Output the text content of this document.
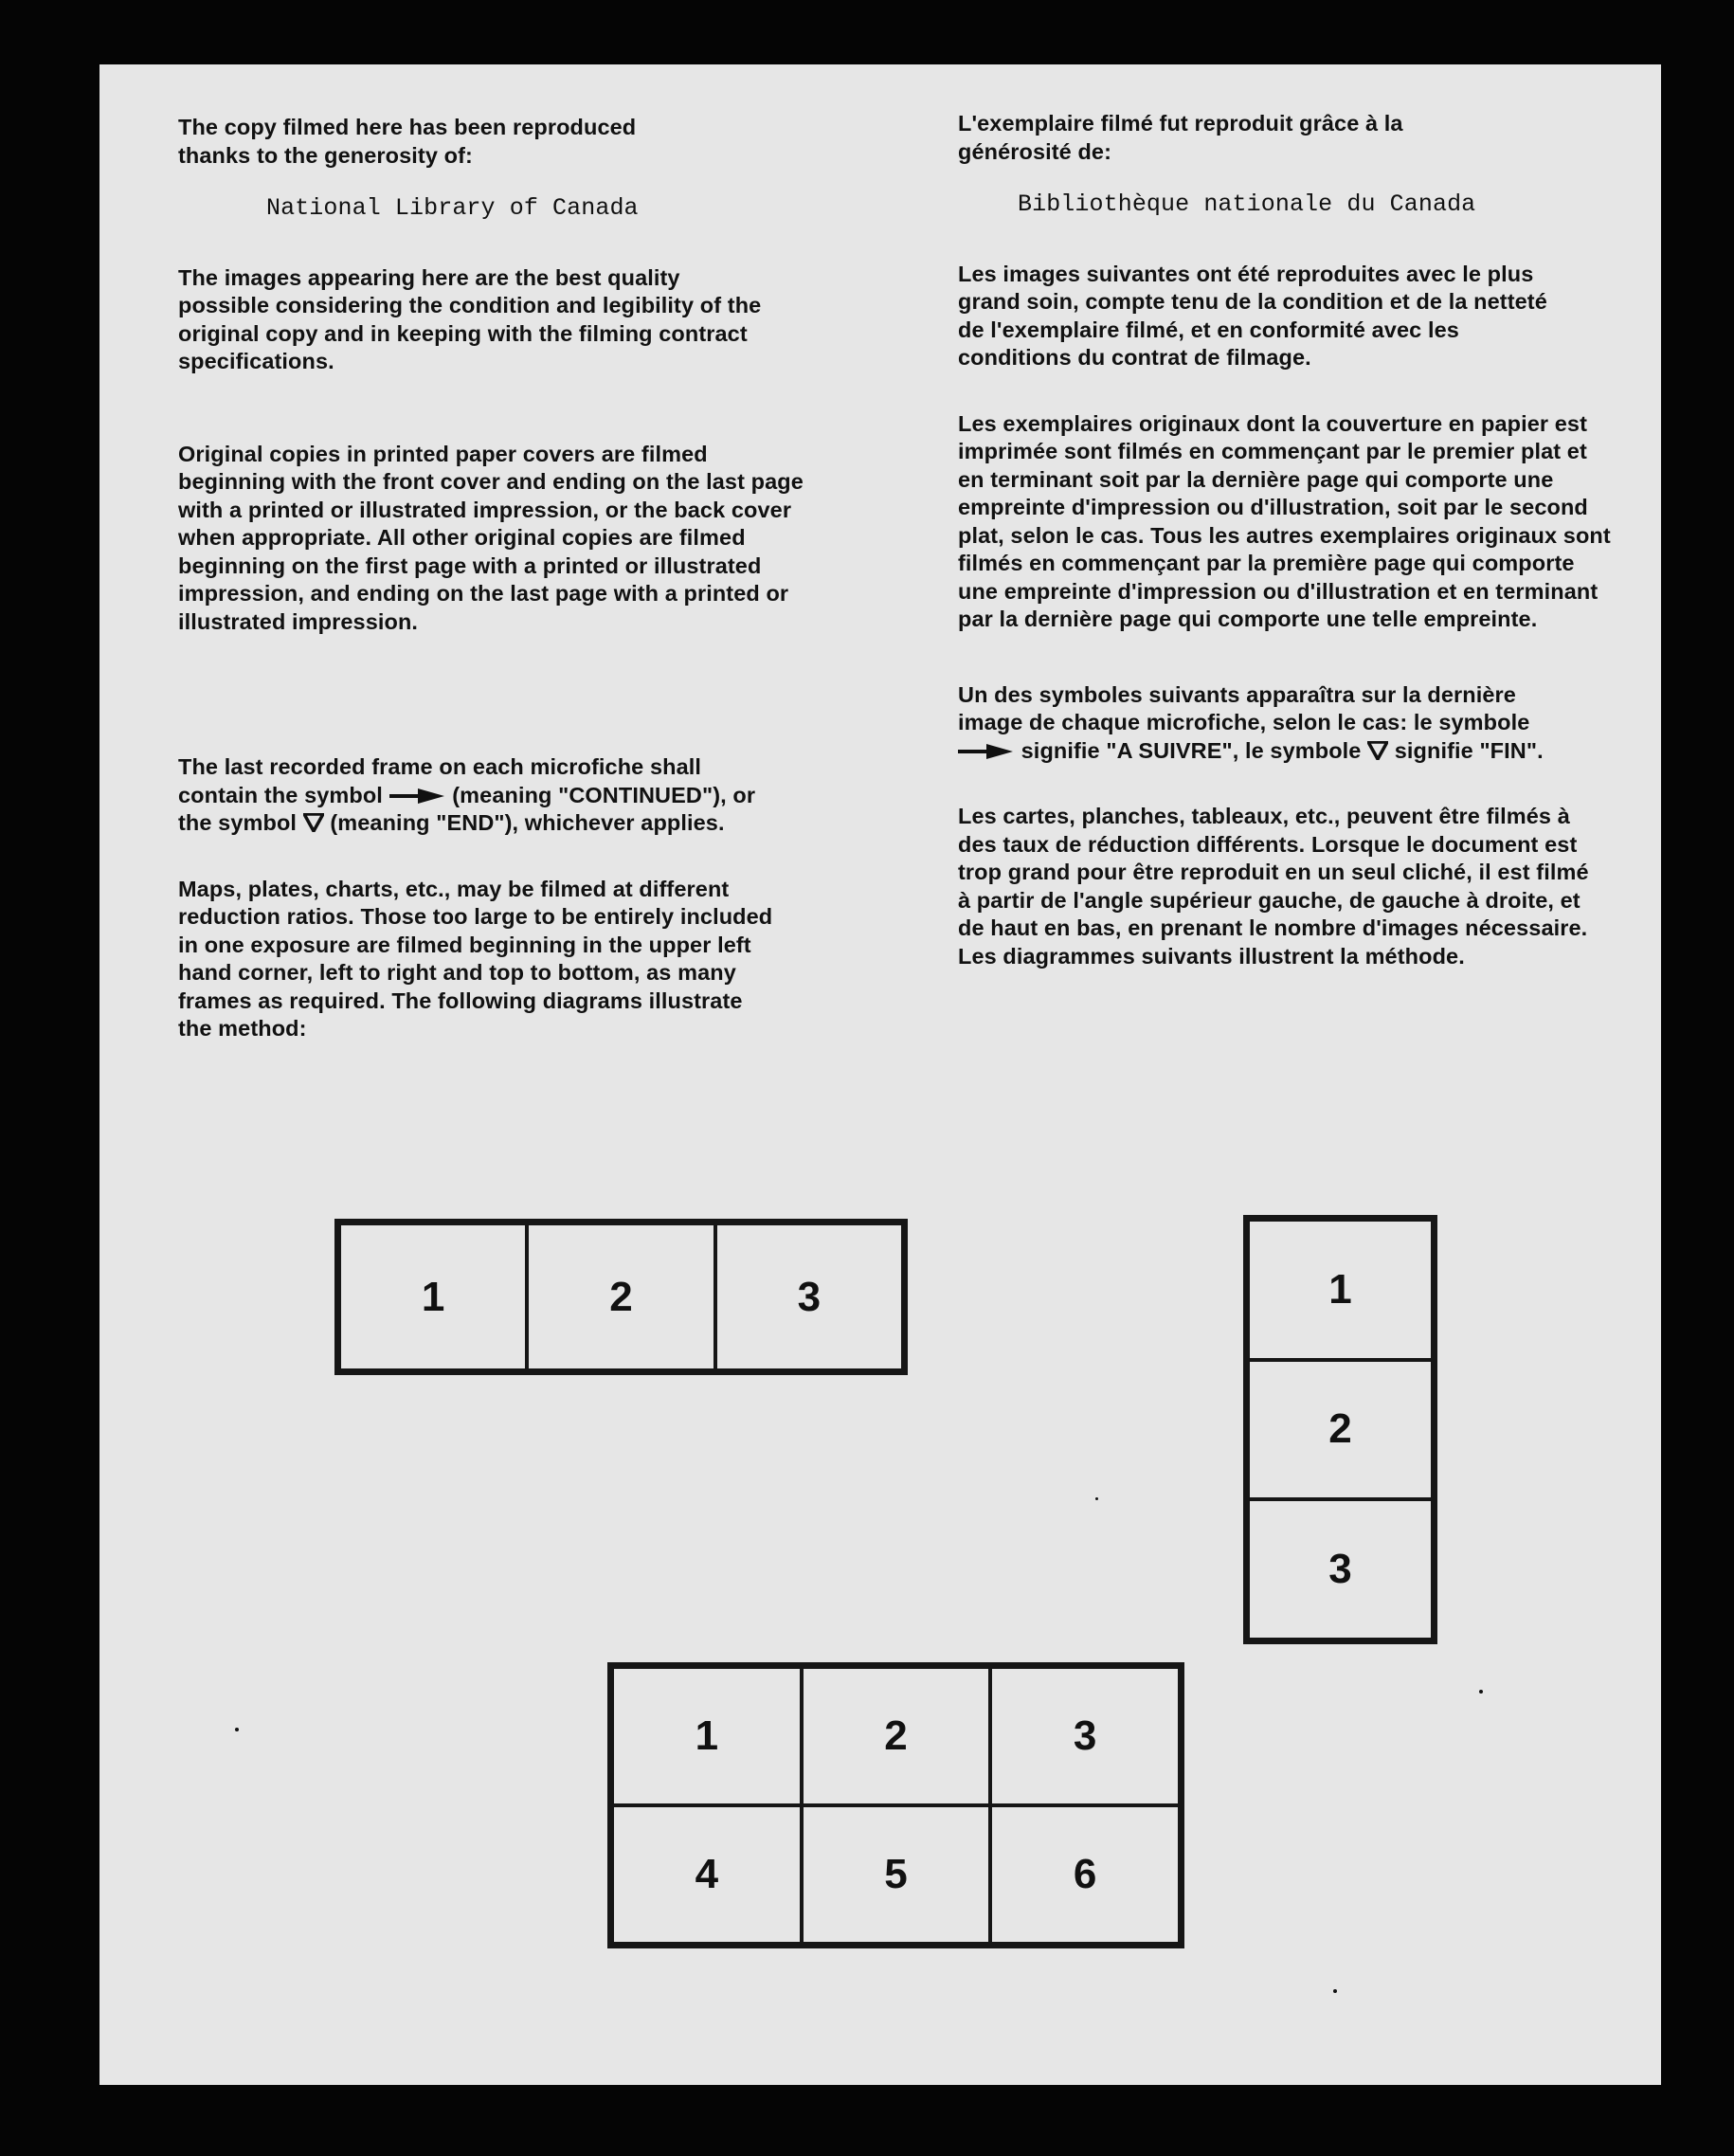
The copy filmed here has been reproduced thanks to the generosity of:

National Library of Canada

The images appearing here are the best quality possible considering the condition and legibility of the original copy and in keeping with the filming contract specifications.

Original copies in printed paper covers are filmed beginning with the front cover and ending on the last page with a printed or illustrated impression, or the back cover when appropriate. All other original copies are filmed beginning on the first page with a printed or illustrated impression, and ending on the last page with a printed or illustrated impression.

The last recorded frame on each microfiche shall contain the symbol	(meaning "CONTINUED"), or the symbol (meaning "END"), whichever applies.

Maps, plates, charts, etc., may be filmed at different reduction ratios. Those too large to be entirely included in one exposure are filmed beginning in the upper left hand corner, left to right and top to bottom, as many frames as required. The following diagrams illustrate the method:

L'exemplaire filmé fut reproduit grâce à la générosité de:

Bibliothèque nationale du Canada

Les images suivantes ont été reproduites avec le plus grand soin, compte tenu de la condition et de la netteté de l'exemplaire filmé, et en conformité avec les conditions du contrat de filmage.

Les exemplaires originaux dont la couverture en papier est imprimée sont filmés en commençant par le premier plat et en terminant soit par la dernière page qui comporte une empreinte d'impression ou d'illustration, soit par le second plat, selon le cas. Tous les autres exemplaires originaux sont filmés en commençant par la première page qui comporte une empreinte d'impression ou d'illustration et en terminant par la dernière page qui comporte une telle empreinte.

Un des symboles suivants apparaîtra sur la dernière image de chaque microfiche, selon le cas: le symbole  signifie "A SUIVRE", le symbole signifie "FIN".

Les cartes, planches, tableaux, etc., peuvent être filmés à des taux de réduction différents. Lorsque le document est trop grand pour être reproduit en un seul cliché, il est filmé à partir de l'angle supérieur gauche, de gauche à droite, et de haut en bas, en prenant le nombre d'images nécessaire. Les diagrammes suivants illustrent la méthode.

1	2	3	1
2
3
1	2	3
4	5	6
